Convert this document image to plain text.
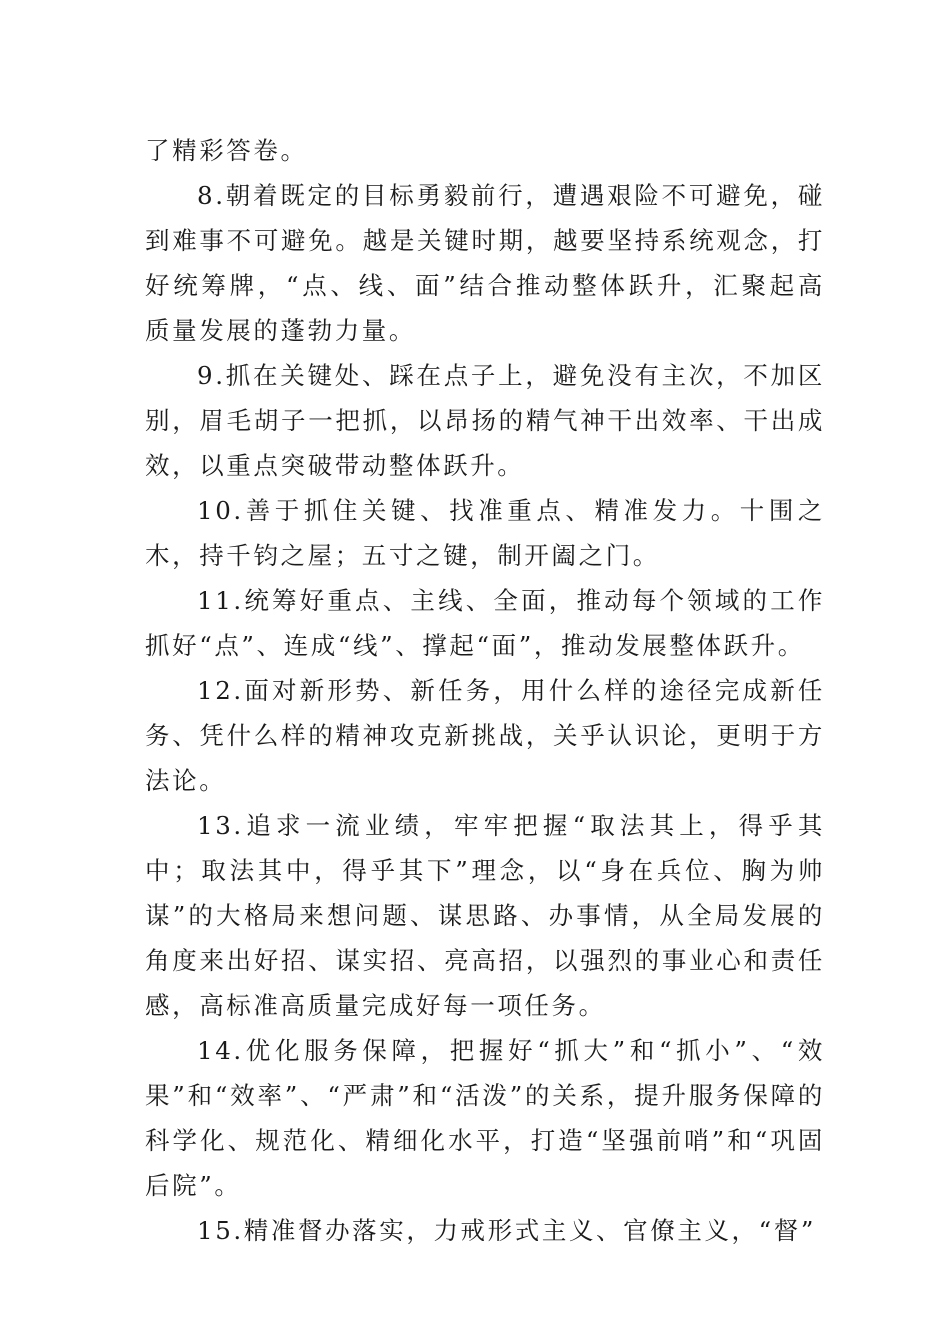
了精彩答卷。

8.朝着既定的目标勇毅前行，遭遇艰险不可避免，碰到难事不可避免。越是关键时期，越要坚持系统观念，打好统筹牌，“点、线、面”结合推动整体跃升，汇聚起高质量发展的蓬勃力量。

9.抓在关键处、踩在点子上，避免没有主次，不加区别，眉毛胡子一把抓，以昂扬的精气神干出效率、干出成效，以重点突破带动整体跃升。

10.善于抓住关键、找准重点、精准发力。十围之木，持千钧之屋；五寸之键，制开阖之门。

11.统筹好重点、主线、全面，推动每个领域的工作抓好“点”、连成“线”、撑起“面”，推动发展整体跃升。

12.面对新形势、新任务，用什么样的途径完成新任务、凭什么样的精神攻克新挑战，关乎认识论，更明于方法论。

13.追求一流业绩，牢牢把握“取法其上，得乎其中；取法其中，得乎其下”理念，以“身在兵位、胸为帅谋”的大格局来想问题、谋思路、办事情，从全局发展的角度来出好招、谋实招、亮高招，以强烈的事业心和责任感，高标准高质量完成好每一项任务。

14.优化服务保障，把握好“抓大”和“抓小”、“效果”和“效率”、“严肃”和“活泼”的关系，提升服务保障的科学化、规范化、精细化水平，打造“坚强前哨”和“巩固后院”。

15.精准督办落实，力戒形式主义、官僚主义，“督”
